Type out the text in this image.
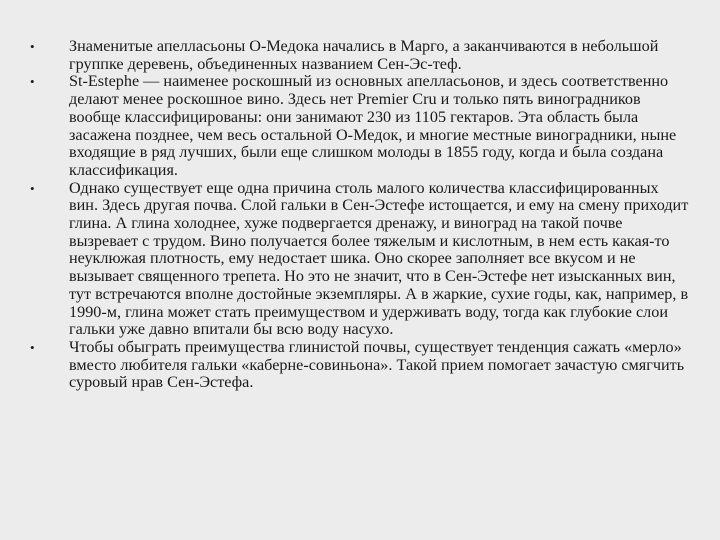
•	Знаменитые апелласьоны О-Медока начались в Марго, а заканчиваются в небольшой группке деревень, объединенных названием Сен-Эс-теф.
•	St-Estephe — наименее роскошный из основных апелласьонов, и здесь соответственно делают менее роскошное вино. Здесь нет Premier Cru и только пять виноградников вообще классифицированы: они занимают 230 из 1105 гектаров. Эта область была засажена позднее, чем весь остальной О-Медок, и многие местные виноградники, ныне входящие в ряд лучших, были еще слишком молоды в 1855 году, когда и была создана классификация.
•	Однако существует еще одна причина столь малого количества классифицированных вин. Здесь другая почва. Слой гальки в Сен-Эстефе истощается, и ему на смену приходит глина. А глина холоднее, хуже подвергается дренажу, и виноград на такой почве вызревает с трудом. Вино получается более тяжелым и кислотным, в нем есть какая-то неуклюжая плотность, ему недостает шика. Оно скорее заполняет все вкусом и не вызывает священного трепета. Но это не значит, что в Сен-Эстефе нет изысканных вин, тут встречаются вполне достойные экземпляры. А в жаркие, сухие годы, как, например, в 1990-м, глина может стать преимуществом и удерживать воду, тогда как глубокие слои гальки уже давно впитали бы всю воду насухо.
•	Чтобы обыграть преимущества глинистой почвы, существует тенденция сажать «мерло» вместо любителя гальки «каберне-совиньона». Такой прием помогает зачастую смягчить суровый нрав Сен-Эстефа.
